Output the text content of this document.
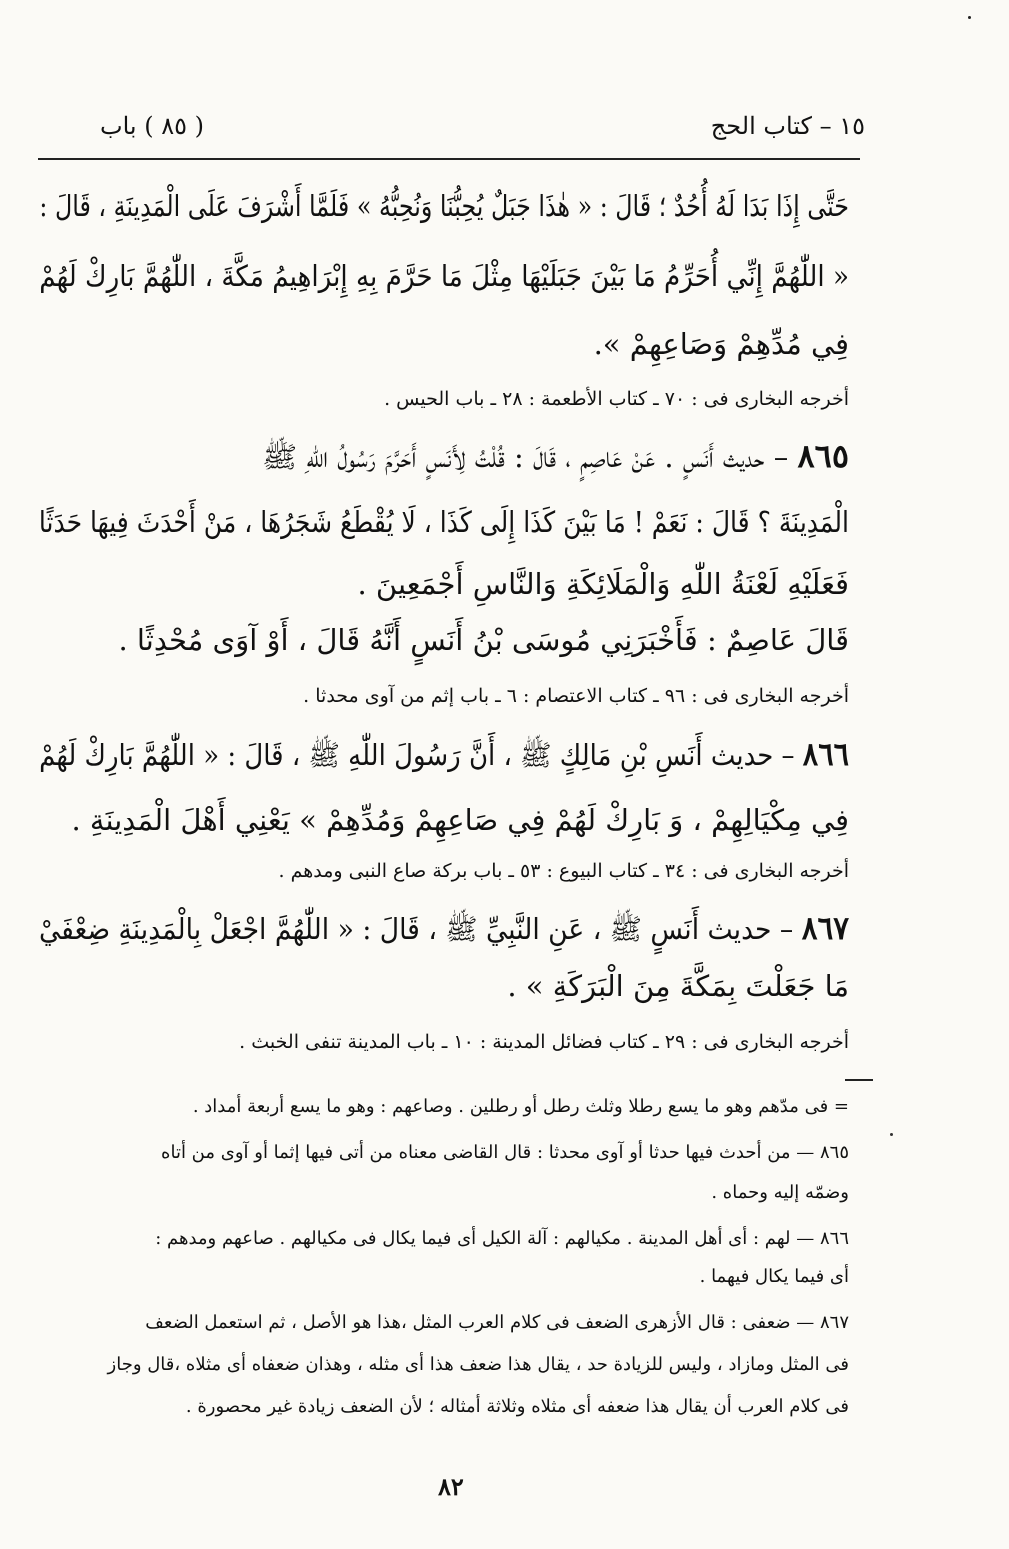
١٥ – كتاب الحج
( ٨٥ ) باب
حَتَّى إِذَا بَدَا لَهُ أُحُدٌ ؛ قَالَ : « هٰذَا جَبَلٌ يُحِبُّنَا وَنُحِبُّهُ » فَلَمَّا أَشْرَفَ عَلَى الْمَدِينَةِ ، قَالَ :
« اللّٰهُمَّ إِنِّي أُحَرِّمُ مَا بَيْنَ جَبَلَيْهَا مِثْلَ مَا حَرَّمَ بِهِ إِبْرَاهِيمُ مَكَّةَ ، اللّٰهُمَّ بَارِكْ لَهُمْ
فِي مُدِّهِمْ وَصَاعِهِمْ ».
أخرجه البخارى فى : ٧٠ ـ كتاب الأطعمة : ٢٨ ـ باب الحيس .
٨٦٥ – حديث أَنَسٍ . عَنْ عَاصِمٍ ، قَالَ : قُلْتُ لِأَنَسٍ أَحَرَّمَ رَسُولُ اللّٰهِ ﷺ
الْمَدِينَةَ ؟ قَالَ : نَعَمْ ! مَا بَيْنَ كَذَا إِلَى كَذَا ، لَا يُقْطَعُ شَجَرُهَا ، مَنْ أَحْدَثَ فِيهَا حَدَثًا
فَعَلَيْهِ لَعْنَةُ اللّٰهِ وَالْمَلَائِكَةِ وَالنَّاسِ أَجْمَعِينَ .
قَالَ عَاصِمٌ : فَأَخْبَرَنِي مُوسَى بْنُ أَنَسٍ أَنَّهُ قَالَ ، أَوْ آوَى مُحْدِثًا .
أخرجه البخارى فى : ٩٦ ـ كتاب الاعتصام : ٦ ـ باب إثم من آوى محدثا .
٨٦٦ – حديث أَنَسِ بْنِ مَالِكٍ ﷺ ، أَنَّ رَسُولَ اللّٰهِ ﷺ ، قَالَ : « اللّٰهُمَّ بَارِكْ لَهُمْ
فِي مِكْيَالِهِمْ ، وَ بَارِكْ لَهُمْ فِي صَاعِهِمْ وَمُدِّهِمْ » يَعْنِي أَهْلَ الْمَدِينَةِ .
أخرجه البخارى فى : ٣٤ ـ كتاب البيوع : ٥٣ ـ باب بركة صاع النبى ومدهم .
٨٦٧ – حديث أَنَسٍ ﷺ ، عَنِ النَّبِيِّ ﷺ ، قَالَ : « اللّٰهُمَّ اجْعَلْ بِالْمَدِينَةِ ضِعْفَيْ
مَا جَعَلْتَ بِمَكَّةَ مِنَ الْبَرَكَةِ » .
أخرجه البخارى فى : ٢٩ ـ كتاب فضائل المدينة : ١٠ ـ باب المدينة تنفى الخبث .
= فى مدّهم وهو ما يسع رطلا وثلث رطل أو رطلين . وصاعهم : وهو ما يسع أربعة أمداد .
٨٦٥ — من أحدث فيها حدثا أو آوى محدثا : قال القاضى معناه من أتى فيها إثما أو آوى من أتاه
وضمّه إليه وحماه .
٨٦٦ — لهم : أى أهل المدينة . مكيالهم : آلة الكيل أى فيما يكال فى مكيالهم . صاعهم ومدهم :
أى فيما يكال فيهما .
٨٦٧ — ضعفى : قال الأزهرى الضعف فى كلام العرب المثل ،هذا هو الأصل ، ثم استعمل الضعف
فى المثل ومازاد ، وليس للزيادة حد ، يقال هذا ضعف هذا أى مثله ، وهذان ضعفاه أى مثلاه ،قال وجاز
فى كلام العرب أن يقال هذا ضعفه أى مثلاه وثلاثة أمثاله ؛ لأن الضعف زيادة غير محصورة .
٨٢
